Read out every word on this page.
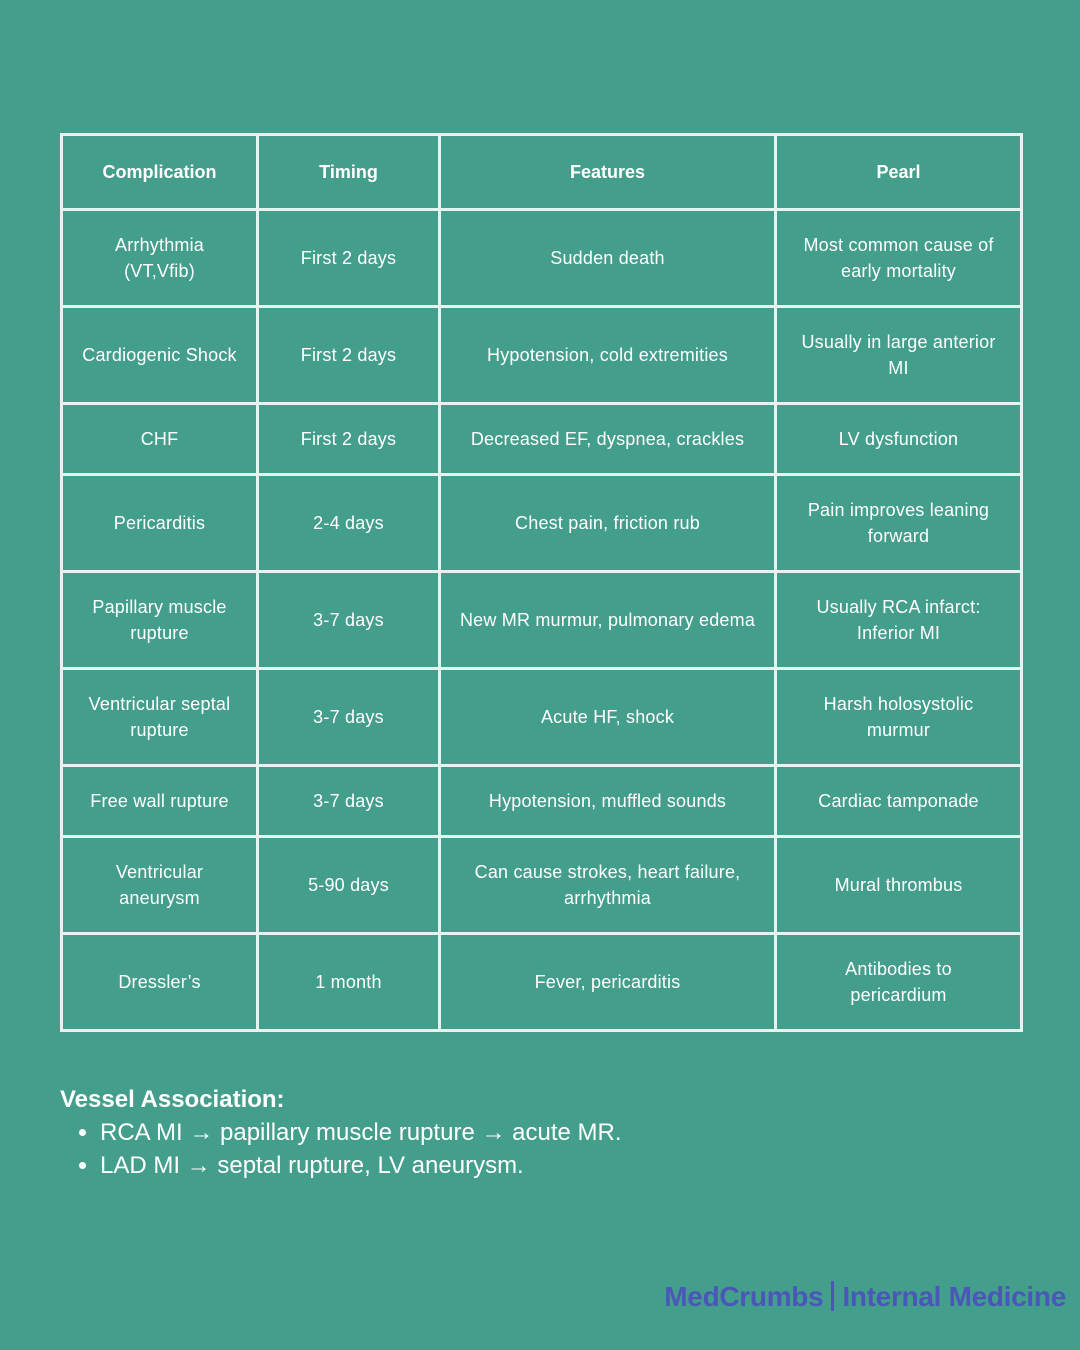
Complication	Timing	Features	Pearl
Arrhythmia (VT,Vfib)	First 2 days	Sudden death	Most common cause of early mortality
Cardiogenic Shock	First 2 days	Hypotension, cold extremities	Usually in large anterior MI
CHF	First 2 days	Decreased EF, dyspnea, crackles	LV dysfunction
Pericarditis	2-4 days	Chest pain, friction rub	Pain improves leaning forward
Papillary muscle rupture	3-7 days	New MR murmur, pulmonary edema	Usually RCA infarct: Inferior MI
Ventricular septal rupture	3-7 days	Acute HF, shock	Harsh holosystolic murmur
Free wall rupture	3-7 days	Hypotension, muffled sounds	Cardiac tamponade
Ventricular aneurysm	5-90 days	Can cause strokes, heart failure, arrhythmia	Mural thrombus
Dressler’s	1 month	Fever, pericarditis	Antibodies to pericardium
Vessel Association:
• RCA MI → papillary muscle rupture → acute MR.
• LAD MI → septal rupture, LV aneurysm.
MedCrumbs Internal Medicine
